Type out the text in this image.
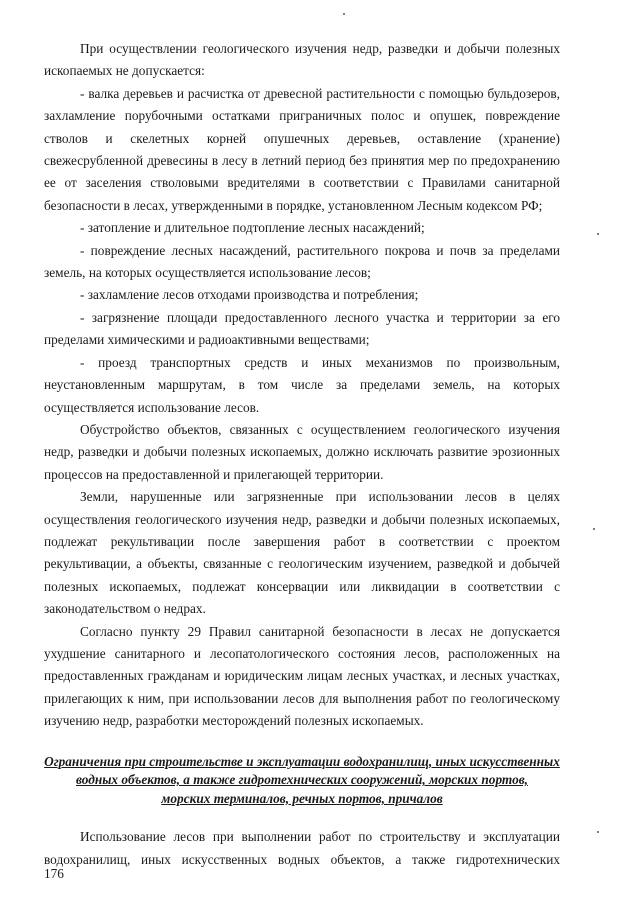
При осуществлении геологического изучения недр, разведки и добычи полезных ископаемых не допускается:

- валка деревьев и расчистка от древесной растительности с помощью бульдозеров, захламление порубочными остатками приграничных полос и опушек, повреждение стволов и скелетных корней опушечных деревьев, оставление (хранение) свежесрубленной древесины в лесу в летний период без принятия мер по предохранению ее от заселения стволовыми вредителями в соответствии с Правилами санитарной безопасности в лесах, утвержденными в порядке, установленном Лесным кодексом РФ;

- затопление и длительное подтопление лесных насаждений;

- повреждение лесных насаждений, растительного покрова и почв за пределами земель, на которых осуществляется использование лесов;

- захламление лесов отходами производства и потребления;

- загрязнение площади предоставленного лесного участка и территории за его пределами химическими и радиоактивными веществами;

- проезд транспортных средств и иных механизмов по произвольным, неустановленным маршрутам, в том числе за пределами земель, на которых осуществляется использование лесов.

Обустройство объектов, связанных с осуществлением геологического изучения недр, разведки и добычи полезных ископаемых, должно исключать развитие эрозионных процессов на предоставленной и прилегающей территории.

Земли, нарушенные или загрязненные при использовании лесов в целях осуществления геологического изучения недр, разведки и добычи полезных ископаемых, подлежат рекультивации после завершения работ в соответствии с проектом рекультивации, а объекты, связанные с геологическим изучением, разведкой и добычей полезных ископаемых, подлежат консервации или ликвидации в соответствии с законодательством о недрах.

Согласно пункту 29 Правил санитарной безопасности в лесах не допускается ухудшение санитарного и лесопатологического состояния лесов, расположенных на предоставленных гражданам и юридическим лицам лесных участках, и лесных участках, прилегающих к ним, при использовании лесов для выполнения работ по геологическому изучению недр, разработки месторождений полезных ископаемых.

Ограничения при строительстве и эксплуатации водохранилищ, иных искусственных
водных объектов, а также гидротехнических сооружений, морских портов,
морских терминалов, речных портов, причалов

Использование лесов при выполнении работ по строительству и эксплуатации водохранилищ, иных искусственных водных объектов, а также гидротехнических

176
